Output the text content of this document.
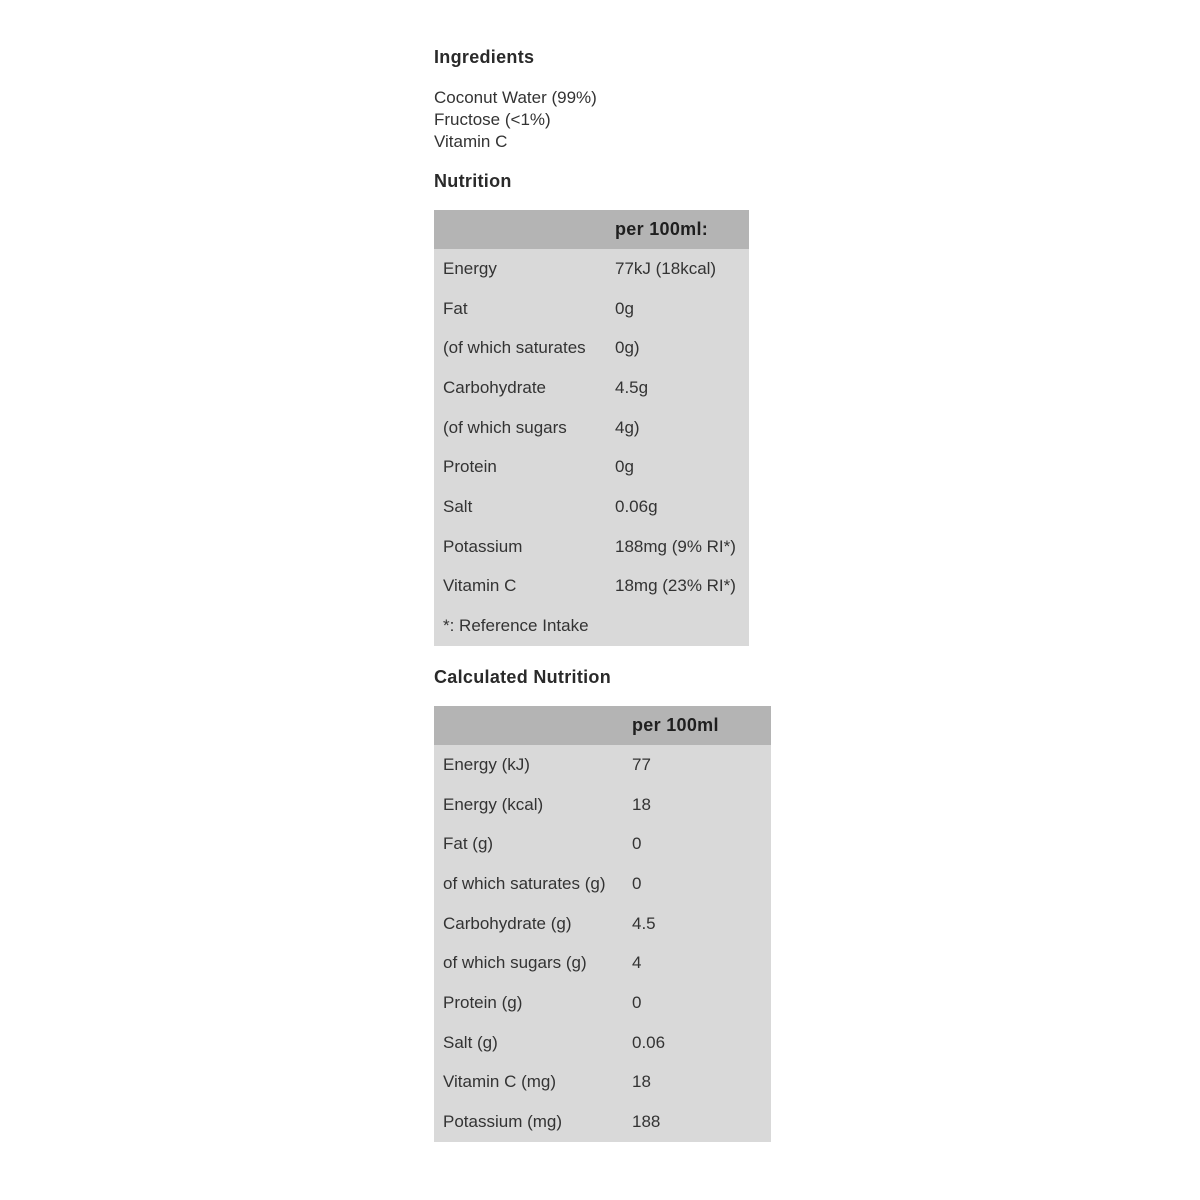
Ingredients
Coconut Water (99%)
Fructose (<1%)
Vitamin C
Nutrition
	per 100ml:
Energy	77kJ (18kcal)
Fat	0g
(of which saturates	0g)
Carbohydrate	4.5g
(of which sugars	4g)
Protein	0g
Salt	0.06g
Potassium	188mg (9% RI*)
Vitamin C	18mg (23% RI*)
*: Reference Intake	
Calculated Nutrition
	per 100ml
Energy (kJ)	77
Energy (kcal)	18
Fat (g)	0
of which saturates (g)	0
Carbohydrate (g)	4.5
of which sugars (g)	4
Protein (g)	0
Salt (g)	0.06
Vitamin C (mg)	18
Potassium (mg)	188
